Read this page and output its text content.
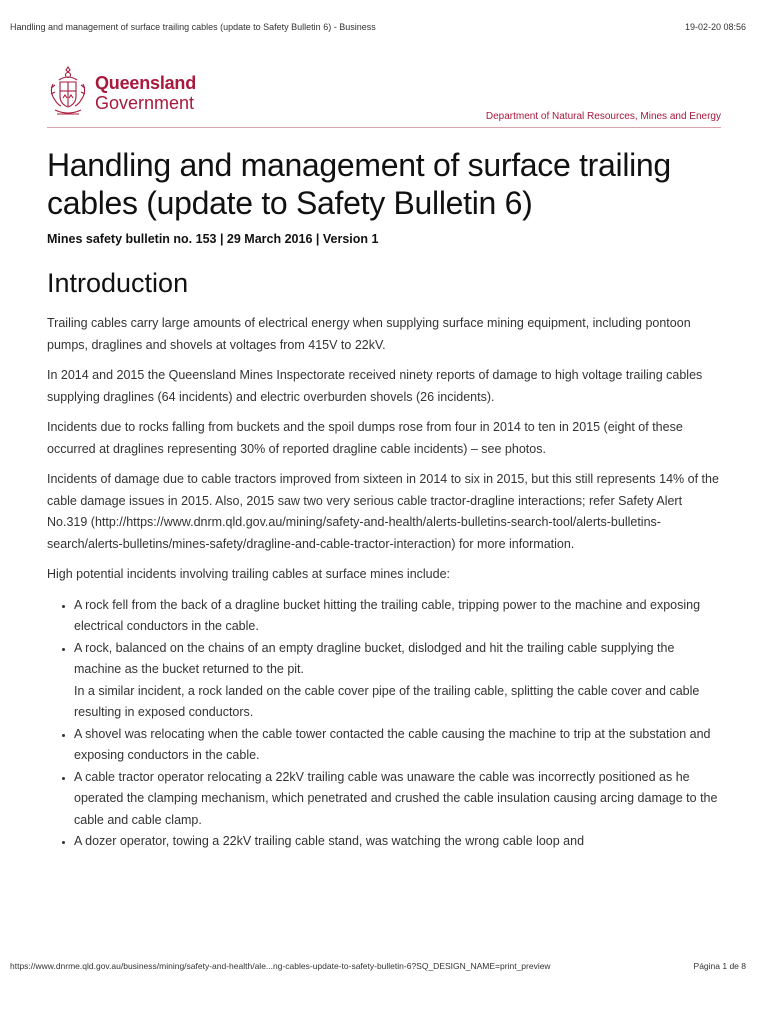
Handling and management of surface trailing cables (update to Safety Bulletin 6) - Business	19-02-20 08:56
Queensland
Government
Department of Natural Resources, Mines and Energy
Handling and management of surface trailing cables (update to Safety Bulletin 6)
Mines safety bulletin no. 153 | 29 March 2016 | Version 1
Introduction

Trailing cables carry large amounts of electrical energy when supplying surface mining equipment, including pontoon pumps, draglines and shovels at voltages from 415V to 22kV.

In 2014 and 2015 the Queensland Mines Inspectorate received ninety reports of damage to high voltage trailing cables supplying draglines (64 incidents) and electric overburden shovels (26 incidents).

Incidents due to rocks falling from buckets and the spoil dumps rose from four in 2014 to ten in 2015 (eight of these occurred at draglines representing 30% of reported dragline cable incidents) – see photos.

Incidents of damage due to cable tractors improved from sixteen in 2014 to six in 2015, but this still represents 14% of the cable damage issues in 2015. Also, 2015 saw two very serious cable tractor-dragline interactions; refer Safety Alert No.319 (http://https://www.dnrm.qld.gov.au/mining/safety-and-health/alerts-bulletins-search-tool/alerts-bulletins-search/alerts-bulletins/mines-safety/dragline-and-cable-tractor-interaction) for more information.

High potential incidents involving trailing cables at surface mines include:

• A rock fell from the back of a dragline bucket hitting the trailing cable, tripping power to the machine and exposing electrical conductors in the cable.
• A rock, balanced on the chains of an empty dragline bucket, dislodged and hit the trailing cable supplying the machine as the bucket returned to the pit.
In a similar incident, a rock landed on the cable cover pipe of the trailing cable, splitting the cable cover and cable resulting in exposed conductors.
• A shovel was relocating when the cable tower contacted the cable causing the machine to trip at the substation and exposing conductors in the cable.
• A cable tractor operator relocating a 22kV trailing cable was unaware the cable was incorrectly positioned as he operated the clamping mechanism, which penetrated and crushed the cable insulation causing arcing damage to the cable and cable clamp.
• A dozer operator, towing a 22kV trailing cable stand, was watching the wrong cable loop and
https://www.dnrme.qld.gov.au/business/mining/safety-and-health/ale...ng-cables-update-to-safety-bulletin-6?SQ_DESIGN_NAME=print_preview	Página 1 de 8
